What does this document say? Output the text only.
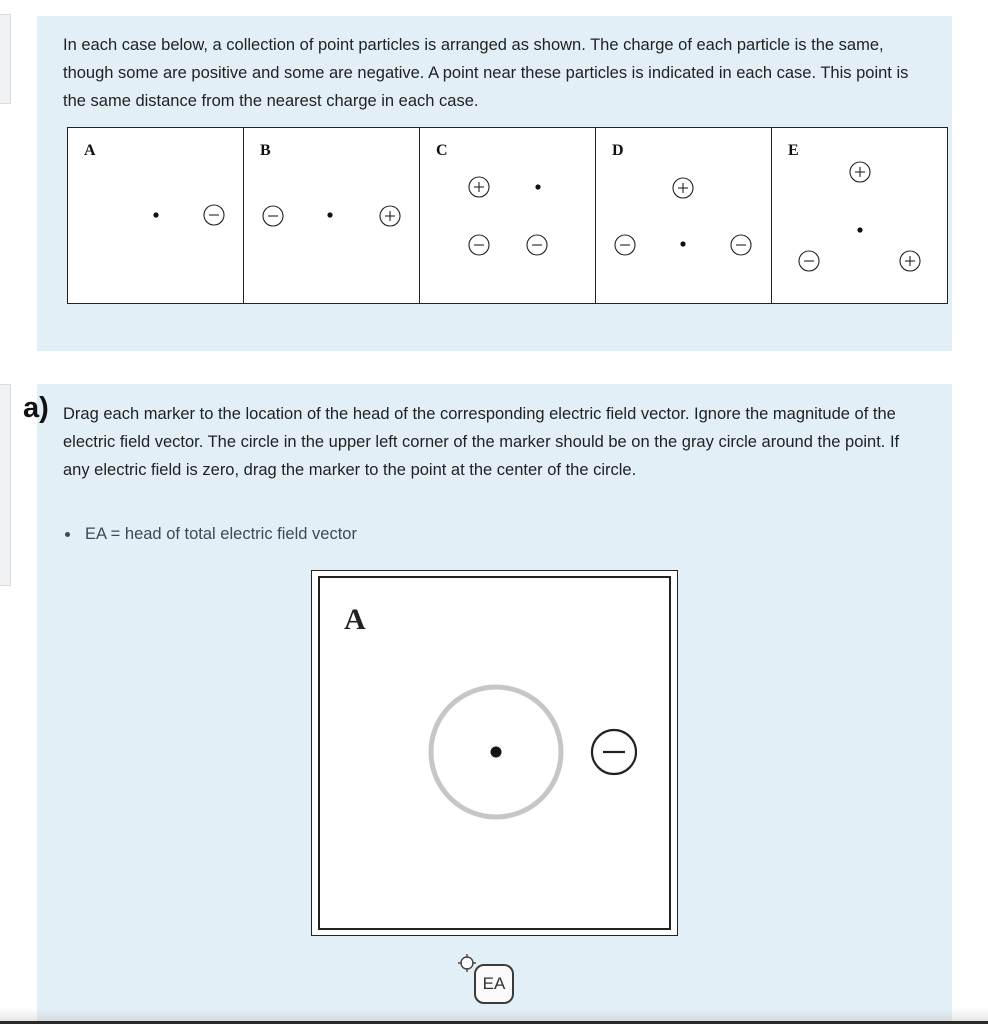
In each case below, a collection of point particles is arranged as shown. The charge of each particle is the same, though some are positive and some are negative. A point near these particles is indicated in each case. This point is the same distance from the nearest charge in each case.

A	B	C	D	E

a) Drag each marker to the location of the head of the corresponding electric field vector. Ignore the magnitude of the electric field vector. The circle in the upper left corner of the marker should be on the gray circle around the point. If any electric field is zero, drag the marker to the point at the center of the circle.

EA = head of total electric field vector
A
EA
